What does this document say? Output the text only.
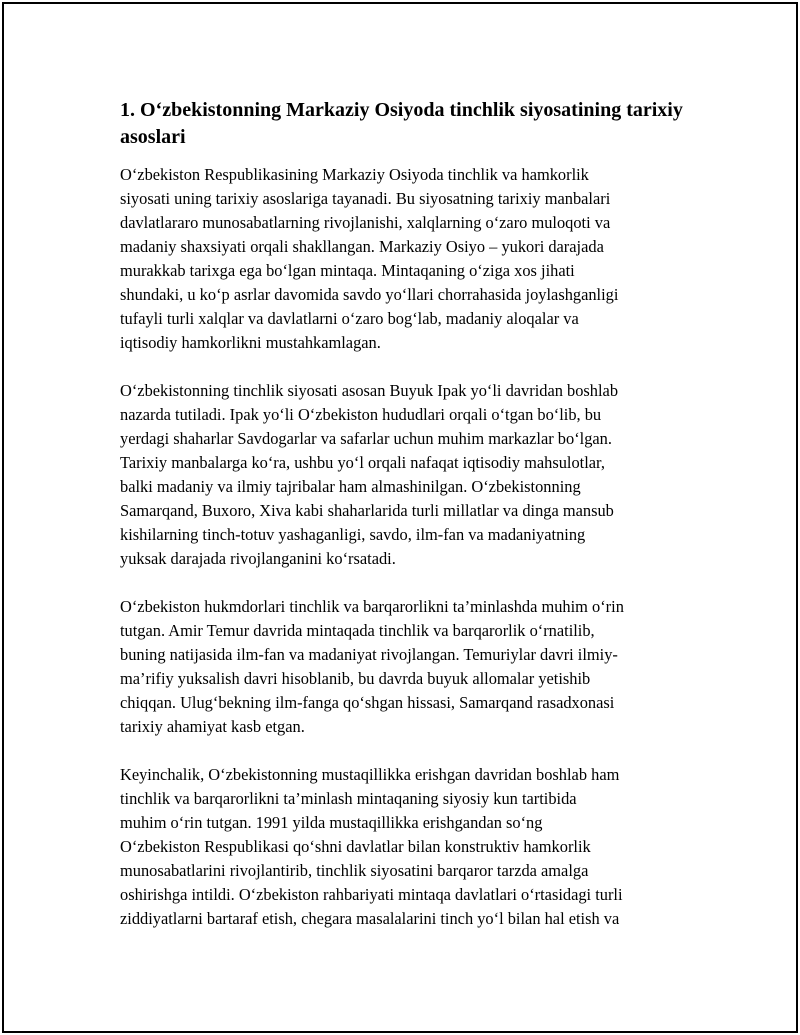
1. O‘zbekistonning Markaziy Osiyoda tinchlik siyosatining tarixiy asoslari

O‘zbekiston Respublikasining Markaziy Osiyoda tinchlik va hamkorlik
siyosati uning tarixiy asoslariga tayanadi. Bu siyosatning tarixiy manbalari
davlatlararo munosabatlarning rivojlanishi, xalqlarning o‘zaro muloqoti va
madaniy shaxsiyati orqali shakllangan. Markaziy Osiyo – yukori darajada
murakkab tarixga ega bo‘lgan mintaqa. Mintaqaning o‘ziga xos jihati
shundaki, u ko‘p asrlar davomida savdo yo‘llari chorrahasida joylashganligi
tufayli turli xalqlar va davlatlarni o‘zaro bog‘lab, madaniy aloqalar va
iqtisodiy hamkorlikni mustahkamlagan.

O‘zbekistonning tinchlik siyosati asosan Buyuk Ipak yo‘li davridan boshlab
nazarda tutiladi. Ipak yo‘li O‘zbekiston hududlari orqali o‘tgan bo‘lib, bu
yerdagi shaharlar Savdogarlar va safarlar uchun muhim markazlar bo‘lgan.
Tarixiy manbalarga ko‘ra, ushbu yo‘l orqali nafaqat iqtisodiy mahsulotlar,
balki madaniy va ilmiy tajribalar ham almashinilgan. O‘zbekistonning
Samarqand, Buxoro, Xiva kabi shaharlarida turli millatlar va dinga mansub
kishilarning tinch-totuv yashaganligi, savdo, ilm-fan va madaniyatning
yuksak darajada rivojlanganini ko‘rsatadi.

O‘zbekiston hukmdorlari tinchlik va barqarorlikni ta’minlashda muhim o‘rin
tutgan. Amir Temur davrida mintaqada tinchlik va barqarorlik o‘rnatilib,
buning natijasida ilm-fan va madaniyat rivojlangan. Temuriylar davri ilmiy-
ma’rifiy yuksalish davri hisoblanib, bu davrda buyuk allomalar yetishib
chiqqan. Ulug‘bekning ilm-fanga qo‘shgan hissasi, Samarqand rasadxonasi
tarixiy ahamiyat kasb etgan.

Keyinchalik, O‘zbekistonning mustaqillikka erishgan davridan boshlab ham
tinchlik va barqarorlikni ta’minlash mintaqaning siyosiy kun tartibida
muhim o‘rin tutgan. 1991 yilda mustaqillikka erishgandan so‘ng
O‘zbekiston Respublikasi qo‘shni davlatlar bilan konstruktiv hamkorlik
munosabatlarini rivojlantirib, tinchlik siyosatini barqaror tarzda amalga
oshirishga intildi. O‘zbekiston rahbariyati mintaqa davlatlari o‘rtasidagi turli
ziddiyatlarni bartaraf etish, chegara masalalarini tinch yo‘l bilan hal etish va
